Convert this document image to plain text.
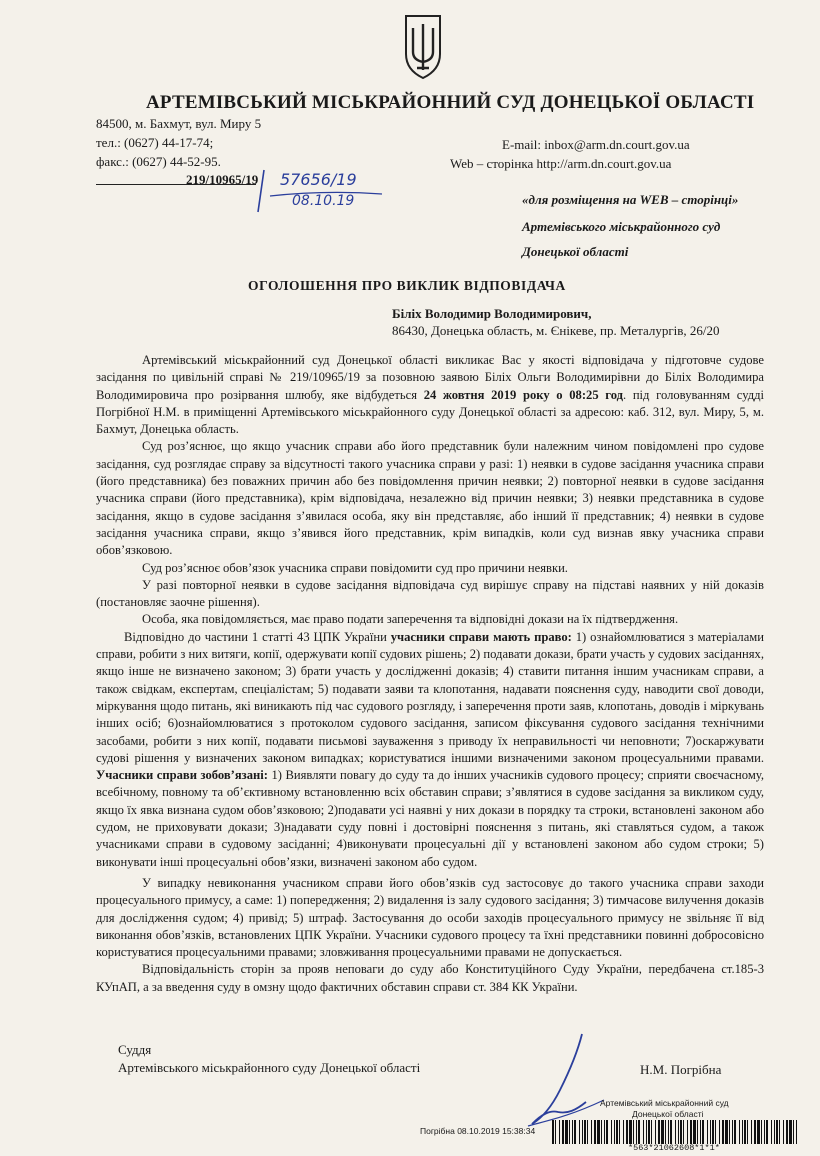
АРТЕМІВСЬКИЙ МІСЬКРАЙОННИЙ СУД ДОНЕЦЬКОЇ ОБЛАСТІ
84500, м. Бахмут, вул. Миру 5
тел.: (0627) 44-17-74;
факс.: (0627) 44-52-95.
E-mail: inbox@arm.dn.court.gov.ua
Web – сторінка http://arm.dn.court.gov.ua
219/10965/19 57656/19
08.10.19	«для розміщення на WEB – сторінці»
Артемівського міськрайонного суд
Донецької області
ОГОЛОШЕННЯ ПРО ВИКЛИК ВІДПОВІДАЧА
Біліх Володимир Володимирович,
86430, Донецька область, м. Єнікеве, пр. Металургів, 26/20

Артемівський міськрайонний суд Донецької області викликає Вас у якості відповідача у підготовче судове засідання по цивільній справі № 219/10965/19 за позовною заявою Біліх Ольги Володимирівни до Біліх Володимира Володимировича про розірвання шлюбу, яке відбудеться 24 жовтня 2019 року о 08:25 год. під головуванням судді Погрібної Н.М. в приміщенні Артемівського міськрайонного суду Донецької області за адресою: каб. 312, вул. Миру, 5, м. Бахмут, Донецька область.

Суд роз’яснює, що якщо учасник справи або його представник були належним чином повідомлені про судове засідання, суд розглядає справу за відсутності такого учасника справи у разі: 1) неявки в судове засідання учасника справи (його представника) без поважних причин або без повідомлення причин неявки; 2) повторної неявки в судове засідання учасника справи (його представника), крім відповідача, незалежно від причин неявки; 3) неявки представника в судове засідання, якщо в судове засідання з’явилася особа, яку він представляє, або інший її представник; 4) неявки в судове засідання учасника справи, якщо з’явився його представник, крім випадків, коли суд визнав явку учасника справи обов’язковою.

Суд роз’яснює обов’язок учасника справи повідомити суд про причини неявки.

У разі повторної неявки в судове засідання відповідача суд вирішує справу на підставі наявних у ній доказів (постановляє заочне рішення).

Особа, яка повідомляється, має право подати заперечення та відповідні докази на їх підтвердження.

Відповідно до частини 1 статті 43 ЦПК України учасники справи мають право: 1) ознайомлюватися з матеріалами справи, робити з них витяги, копії, одержувати копії судових рішень; 2) подавати докази, брати участь у судових засіданнях, якщо інше не визначено законом; 3) брати участь у дослідженні доказів; 4) ставити питання іншим учасникам справи, а також свідкам, експертам, спеціалістам; 5) подавати заяви та клопотання, надавати пояснення суду, наводити свої доводи, міркування щодо питань, які виникають під час судового розгляду, і заперечення проти заяв, клопотань, доводів і міркувань інших осіб; 6)ознайомлюватися з протоколом судового засідання, записом фіксування судового засідання технічними засобами, робити з них копії, подавати письмові зауваження з приводу їх неправильності чи неповноти; 7)оскаржувати судові рішення у визначених законом випадках; користуватися іншими визначеними законом процесуальними правами. Учасники справи зобов’язані: 1) Виявляти повагу до суду та до інших учасників судового процесу; сприяти своєчасному, всебічному, повному та об’єктивному встановленню всіх обставин справи; з’являтися в судове засідання за викликом суду, якщо їх явка визнана судом обов’язковою; 2)подавати усі наявні у них докази в порядку та строки, встановлені законом або судом, не приховувати докази; 3)надавати суду повні і достовірні пояснення з питань, які ставляться судом, а також учасниками справи в судовому засіданні; 4)виконувати процесуальні дії у встановлені законом або судом строки; 5) виконувати інші процесуальні обов’язки, визначені законом або судом.

У випадку невиконання учасником справи його обов’язків суд застосовує до такого учасника справи заходи процесуального примусу, а саме: 1) попередження; 2) видалення із залу судового засідання; 3) тимчасове вилучення доказів для дослідження судом; 4) привід; 5) штраф. Застосування до особи заходів процесуального примусу не звільняє її від виконання обов’язків, встановлених ЦПК України. Учасники судового процесу та їхні представники повинні добросовісно користуватися процесуальними правами; зловживання процесуальними правами не допускається.

Відповідальність сторін за прояв неповаги до суду або Конституційного Суду України, передбачена ст.185-3 КУпАП, а за введення суду в омзну щодо фактичних обставин справи ст. 384 КК України.

Суддя
Артемівського міськрайонного суду Донецької області	Н.М. Погрібна
Артемівський міськрайонний суд
Донецької області
Погрібна 08.10.2019 15:38:34
*563*21062608*1*1*
